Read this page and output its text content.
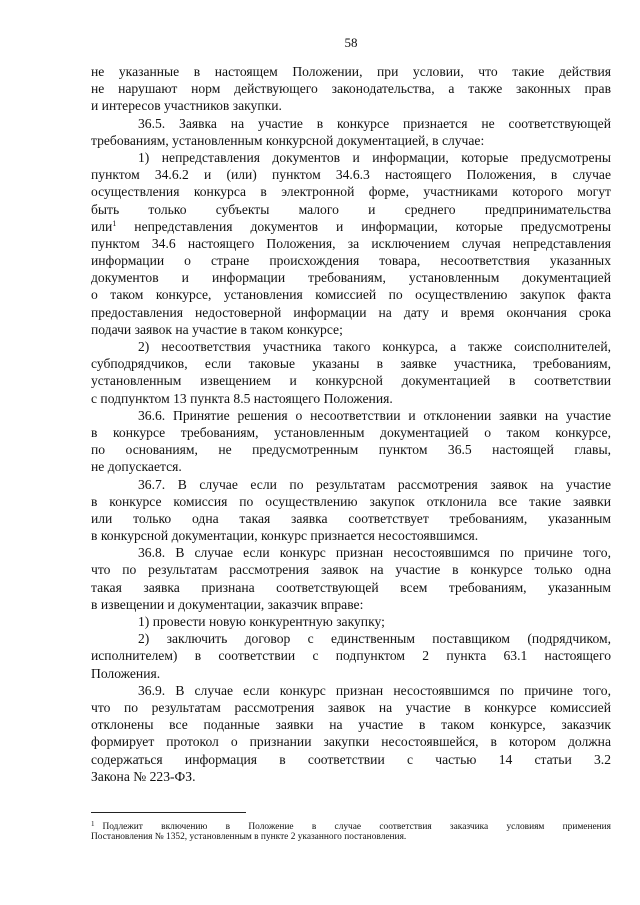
58
не указанные в настоящем Положении, при условии, что такие действия
не нарушают норм действующего законодательства, а также законных прав
и интересов участников закупки.
36.5. Заявка на участие в конкурсе признается не соответствующей
требованиям, установленным конкурсной документацией, в случае:
1) непредставления документов и информации, которые предусмотрены
пунктом 34.6.2 и (или) пунктом 34.6.3 настоящего Положения, в случае
осуществления конкурса в электронной форме, участниками которого могут
быть только субъекты малого и среднего предпринимательства
или$^1$ непредставления документов и информации, которые предусмотрены
пунктом 34.6 настоящего Положения, за исключением случая непредставления
информации о стране происхождения товара, несоответствия указанных
документов и информации требованиям, установленным документацией
о таком конкурсе, установления комиссией по осуществлению закупок факта
предоставления недостоверной информации на дату и время окончания срока
подачи заявок на участие в таком конкурсе;
2) несоответствия участника такого конкурса, а также соисполнителей,
субподрядчиков, если таковые указаны в заявке участника, требованиям,
установленным извещением и конкурсной документацией в соответствии
с подпунктом 13 пункта 8.5 настоящего Положения.
36.6. Принятие решения о несоответствии и отклонении заявки на участие
в конкурсе требованиям, установленным документацией о таком конкурсе,
по основаниям, не предусмотренным пунктом 36.5 настоящей главы,
не допускается.
36.7. В случае если по результатам рассмотрения заявок на участие
в конкурсе комиссия по осуществлению закупок отклонила все такие заявки
или только одна такая заявка соответствует требованиям, указанным
в конкурсной документации, конкурс признается несостоявшимся.
36.8. В случае если конкурс признан несостоявшимся по причине того,
что по результатам рассмотрения заявок на участие в конкурсе только одна
такая заявка признана соответствующей всем требованиям, указанным
в извещении и документации, заказчик вправе:
1) провести новую конкурентную закупку;
2) заключить договор с единственным поставщиком (подрядчиком,
исполнителем) в соответствии с подпунктом 2 пункта 63.1 настоящего
Положения.
36.9. В случае если конкурс признан несостоявшимся по причине того,
что по результатам рассмотрения заявок на участие в конкурсе комиссией
отклонены все поданные заявки на участие в таком конкурсе, заказчик
формирует протокол о признании закупки несостоявшейся, в котором должна
содержаться информация в соответствии с частью 14 статьи 3.2
Закона № 223-ФЗ.
$^1$ Подлежит включению в Положение в случае соответствия заказчика условиям применения
Постановления № 1352, установленным в пункте 2 указанного постановления.
